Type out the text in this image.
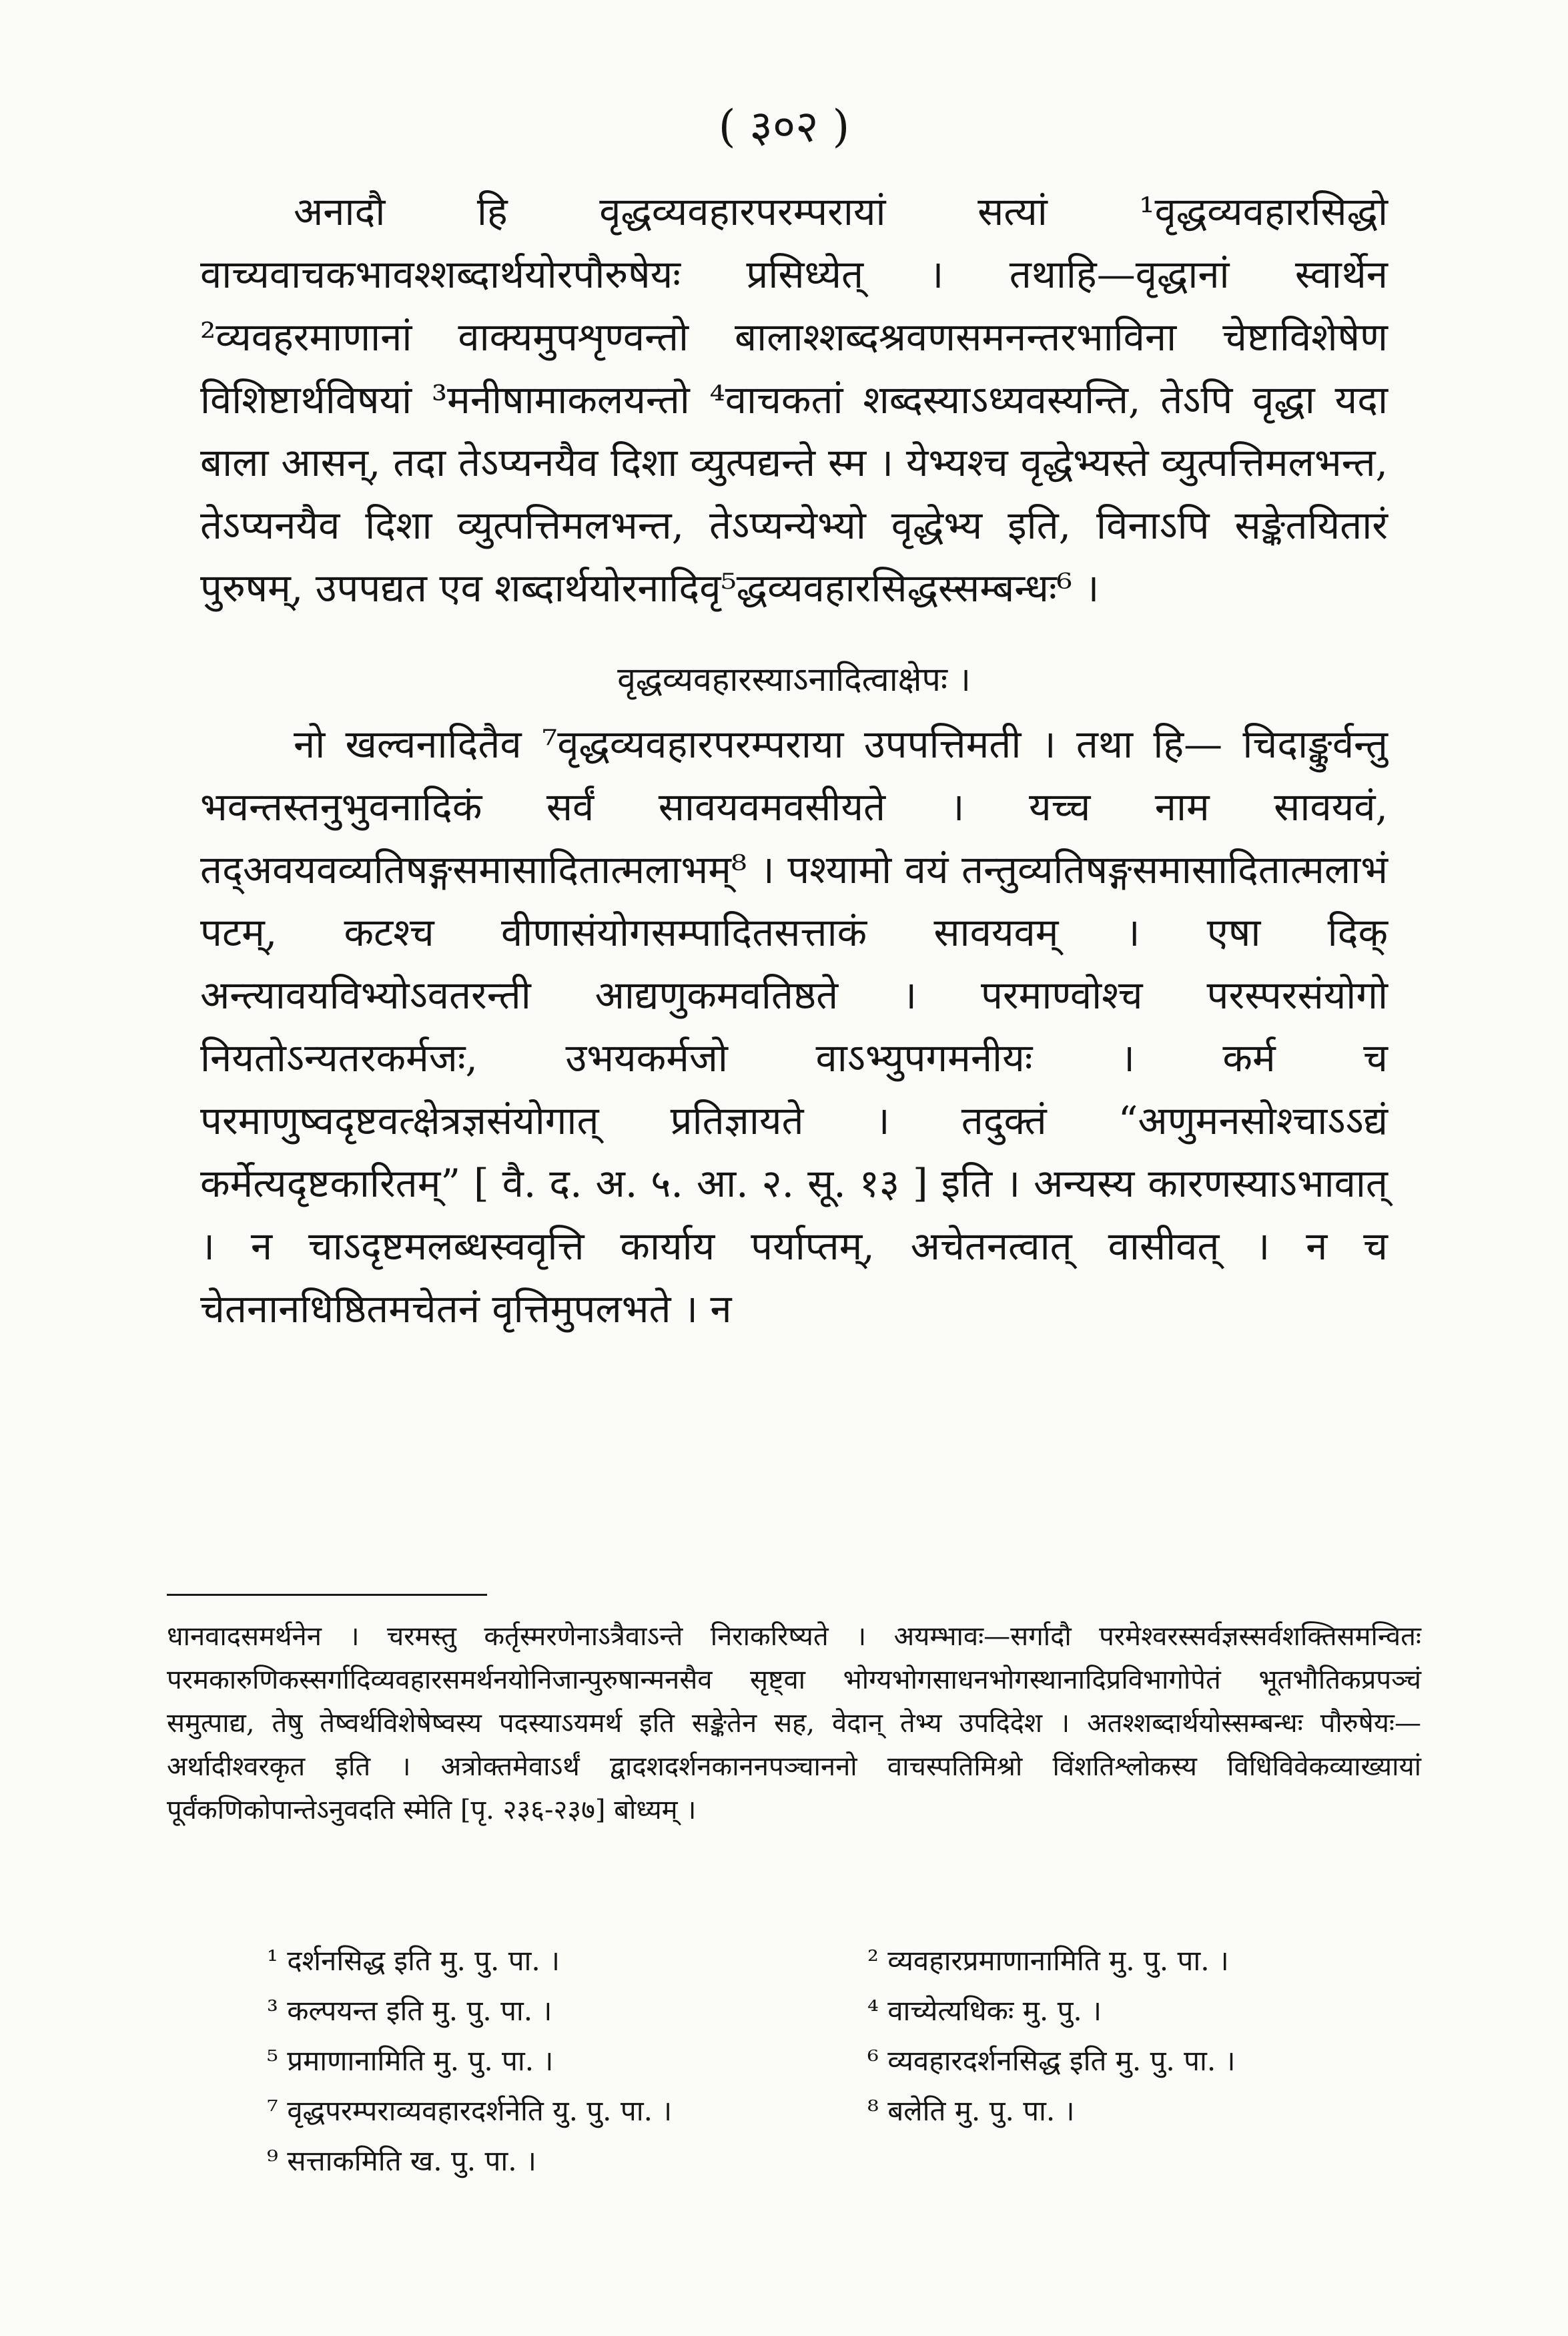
( ३०२ )

अनादौ हि वृद्धव्यवहारपरम्परायां सत्यां ¹वृद्धव्यवहारसिद्धो वाच्यवाचकभावश्शब्दार्थयोरपौरुषेयः प्रसिध्येत् । तथाहि—वृद्धानां स्वार्थेन ²व्यवहरमाणानां वाक्यमुपशृण्वन्तो बालाश्शब्दश्रवणसमनन्तरभाविना चेष्टाविशेषेण विशिष्टार्थविषयां ³मनीषामाकलयन्तो ⁴वाचकतां शब्दस्याऽध्यवस्यन्ति, तेऽपि वृद्धा यदा बाला आसन्, तदा तेऽप्यनयैव दिशा व्युत्पद्यन्ते स्म । येभ्यश्च वृद्धेभ्यस्ते व्युत्पत्तिमलभन्त, तेऽप्यनयैव दिशा व्युत्पत्तिमलभन्त, तेऽप्यन्येभ्यो वृद्धेभ्य इति, विनाऽपि सङ्केतयितारं पुरुषम्, उपपद्यत एव शब्दार्थयोरनादिवृ⁵द्धव्यवहारसिद्धस्सम्बन्धः⁶ ।

वृद्धव्यवहारस्याऽनादित्वाक्षेपः ।

नो खल्वनादितैव ⁷वृद्धव्यवहारपरम्पराया उपपत्तिमती । तथा हि— चिदाङ्कुर्वन्तु भवन्तस्तनुभुवनादिकं सर्वं सावयवमवसीयते । यच्च नाम सावयवं, तद्अवयवव्यतिषङ्गसमासादितात्मलाभम्⁸ । पश्यामो वयं तन्तुव्यतिषङ्गसमासादितात्मलाभं पटम्, कटश्च वीणासंयोगसम्पादितसत्ताकं सावयवम् । एषा दिक् अन्त्यावयविभ्योऽवतरन्ती आद्यणुकमवतिष्ठते । परमाण्वोश्च परस्परसंयोगो नियतोऽन्यतरकर्मजः, उभयकर्मजो वाऽभ्युपगमनीयः । कर्म च परमाणुष्वदृष्टवत्क्षेत्रज्ञसंयोगात् प्रतिज्ञायते । तदुक्तं “अणुमनसोश्चाऽऽद्यं कर्मेत्यदृष्टकारितम्” [ वै. द. अ. ५. आ. २. सू. १३ ] इति । अन्यस्य कारणस्याऽभावात् । न चाऽदृष्टमलब्धस्ववृत्ति कार्याय पर्याप्तम्, अचेतनत्वात् वासीवत् । न च चेतनानधिष्ठितमचेतनं वृत्तिमुपलभते । न

धानवादसमर्थनेन । चरमस्तु कर्तृस्मरणेनाऽत्रैवाऽन्ते निराकरिष्यते । अयम्भावः—सर्गादौ परमेश्वरस्सर्वज्ञस्सर्वशक्तिसमन्वितः परमकारुणिकस्सर्गादिव्यवहारसमर्थनयोनिजान्पुरुषान्मनसैव सृष्ट्वा भोग्यभोगसाधनभोगस्थानादिप्रविभागोपेतं भूतभौतिकप्रपञ्चं समुत्पाद्य, तेषु तेष्वर्थविशेषेष्वस्य पदस्याऽयमर्थ इति सङ्केतेन सह, वेदान् तेभ्य उपदिदेश । अतश्शब्दार्थयोस्सम्बन्धः पौरुषेयः—अर्थादीश्वरकृत इति । अत्रोक्तमेवाऽर्थं द्वादशदर्शनकाननपञ्चाननो वाचस्पतिमिश्रो विंशतिश्लोकस्य विधिविवेकव्याख्यायां पूर्वंकणिकोपान्तेऽनुवदति स्मेति [पृ. २३६-२३७] बोध्यम् ।
¹ दर्शनसिद्ध इति मु. पु. पा. ।	² व्यवहारप्रमाणानामिति मु. पु. पा. ।
³ कल्पयन्त इति मु. पु. पा. ।	⁴ वाच्येत्यधिकः मु. पु. ।
⁵ प्रमाणानामिति मु. पु. पा. ।	⁶ व्यवहारदर्शनसिद्ध इति मु. पु. पा. ।
⁷ वृद्धपरम्पराव्यवहारदर्शनेति यु. पु. पा. ।	⁸ बलेति मु. पु. पा. ।
⁹ सत्ताकमिति ख. पु. पा. ।
